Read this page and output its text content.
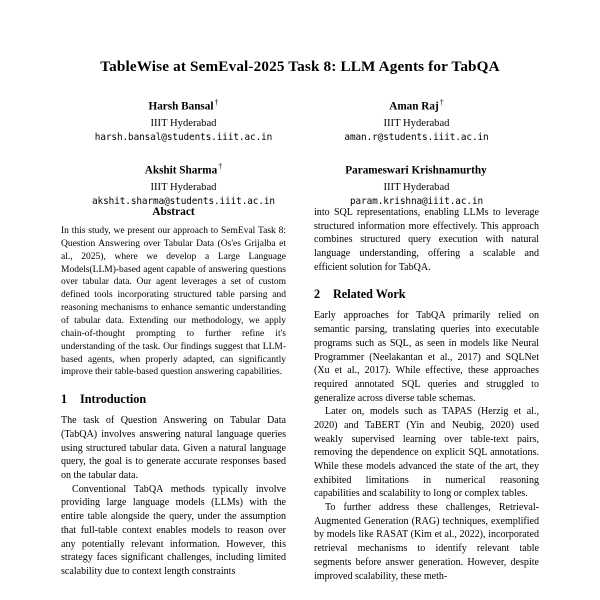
TableWise at SemEval-2025 Task 8: LLM Agents for TabQA
Harsh Bansal†
IIIT Hyderabad
harsh.bansal@students.iiit.ac.in
Aman Raj†
IIIT Hyderabad
aman.r@students.iiit.ac.in
Akshit Sharma†
IIIT Hyderabad
akshit.sharma@students.iiit.ac.in
Parameswari Krishnamurthy
IIIT Hyderabad
param.krishna@iiit.ac.in
Abstract

In this study, we present our approach to SemEval Task 8: Question Answering over Tabular Data (Os'es Grijalba et al., 2025), where we develop a Large Language Models(LLM)-based agent capable of answering questions over tabular data. Our agent leverages a set of custom defined tools incorporating structured table parsing and reasoning mechanisms to enhance semantic understanding of tabular data. Extending our methodology, we apply chain-of-thought prompting to further refine it's understanding of the task. Our findings suggest that LLM-based agents, when properly adapted, can significantly improve their table-based question answering capabilities.

1	Introduction

The task of Question Answering on Tabular Data (TabQA) involves answering natural language queries using structured tabular data. Given a natural language query, the goal is to generate accurate responses based on the tabular data.

Conventional TabQA methods typically involve providing large language models (LLMs) with the entire table alongside the query, under the assumption that full-table context enables models to reason over any potentially relevant information. However, this strategy faces significant challenges, including limited scalability due to context length constraints

into SQL representations, enabling LLMs to leverage structured information more effectively. This approach combines structured query execution with natural language understanding, offering a scalable and efficient solution for TabQA.

2	Related Work

Early approaches for TabQA primarily relied on semantic parsing, translating queries into executable programs such as SQL, as seen in models like Neural Programmer (Neelakantan et al., 2017) and SQLNet (Xu et al., 2017). While effective, these approaches required annotated SQL queries and struggled to generalize across diverse table schemas.

Later on, models such as TAPAS (Herzig et al., 2020) and TaBERT (Yin and Neubig, 2020) used weakly supervised learning over table-text pairs, removing the dependence on explicit SQL annotations. While these models advanced the state of the art, they exhibited limitations in numerical reasoning capabilities and scalability to long or complex tables.

To further address these challenges, Retrieval-Augmented Generation (RAG) techniques, exemplified by models like RASAT (Kim et al., 2022), incorporated retrieval mechanisms to identify relevant table segments before answer generation. However, despite improved scalability, these meth-
